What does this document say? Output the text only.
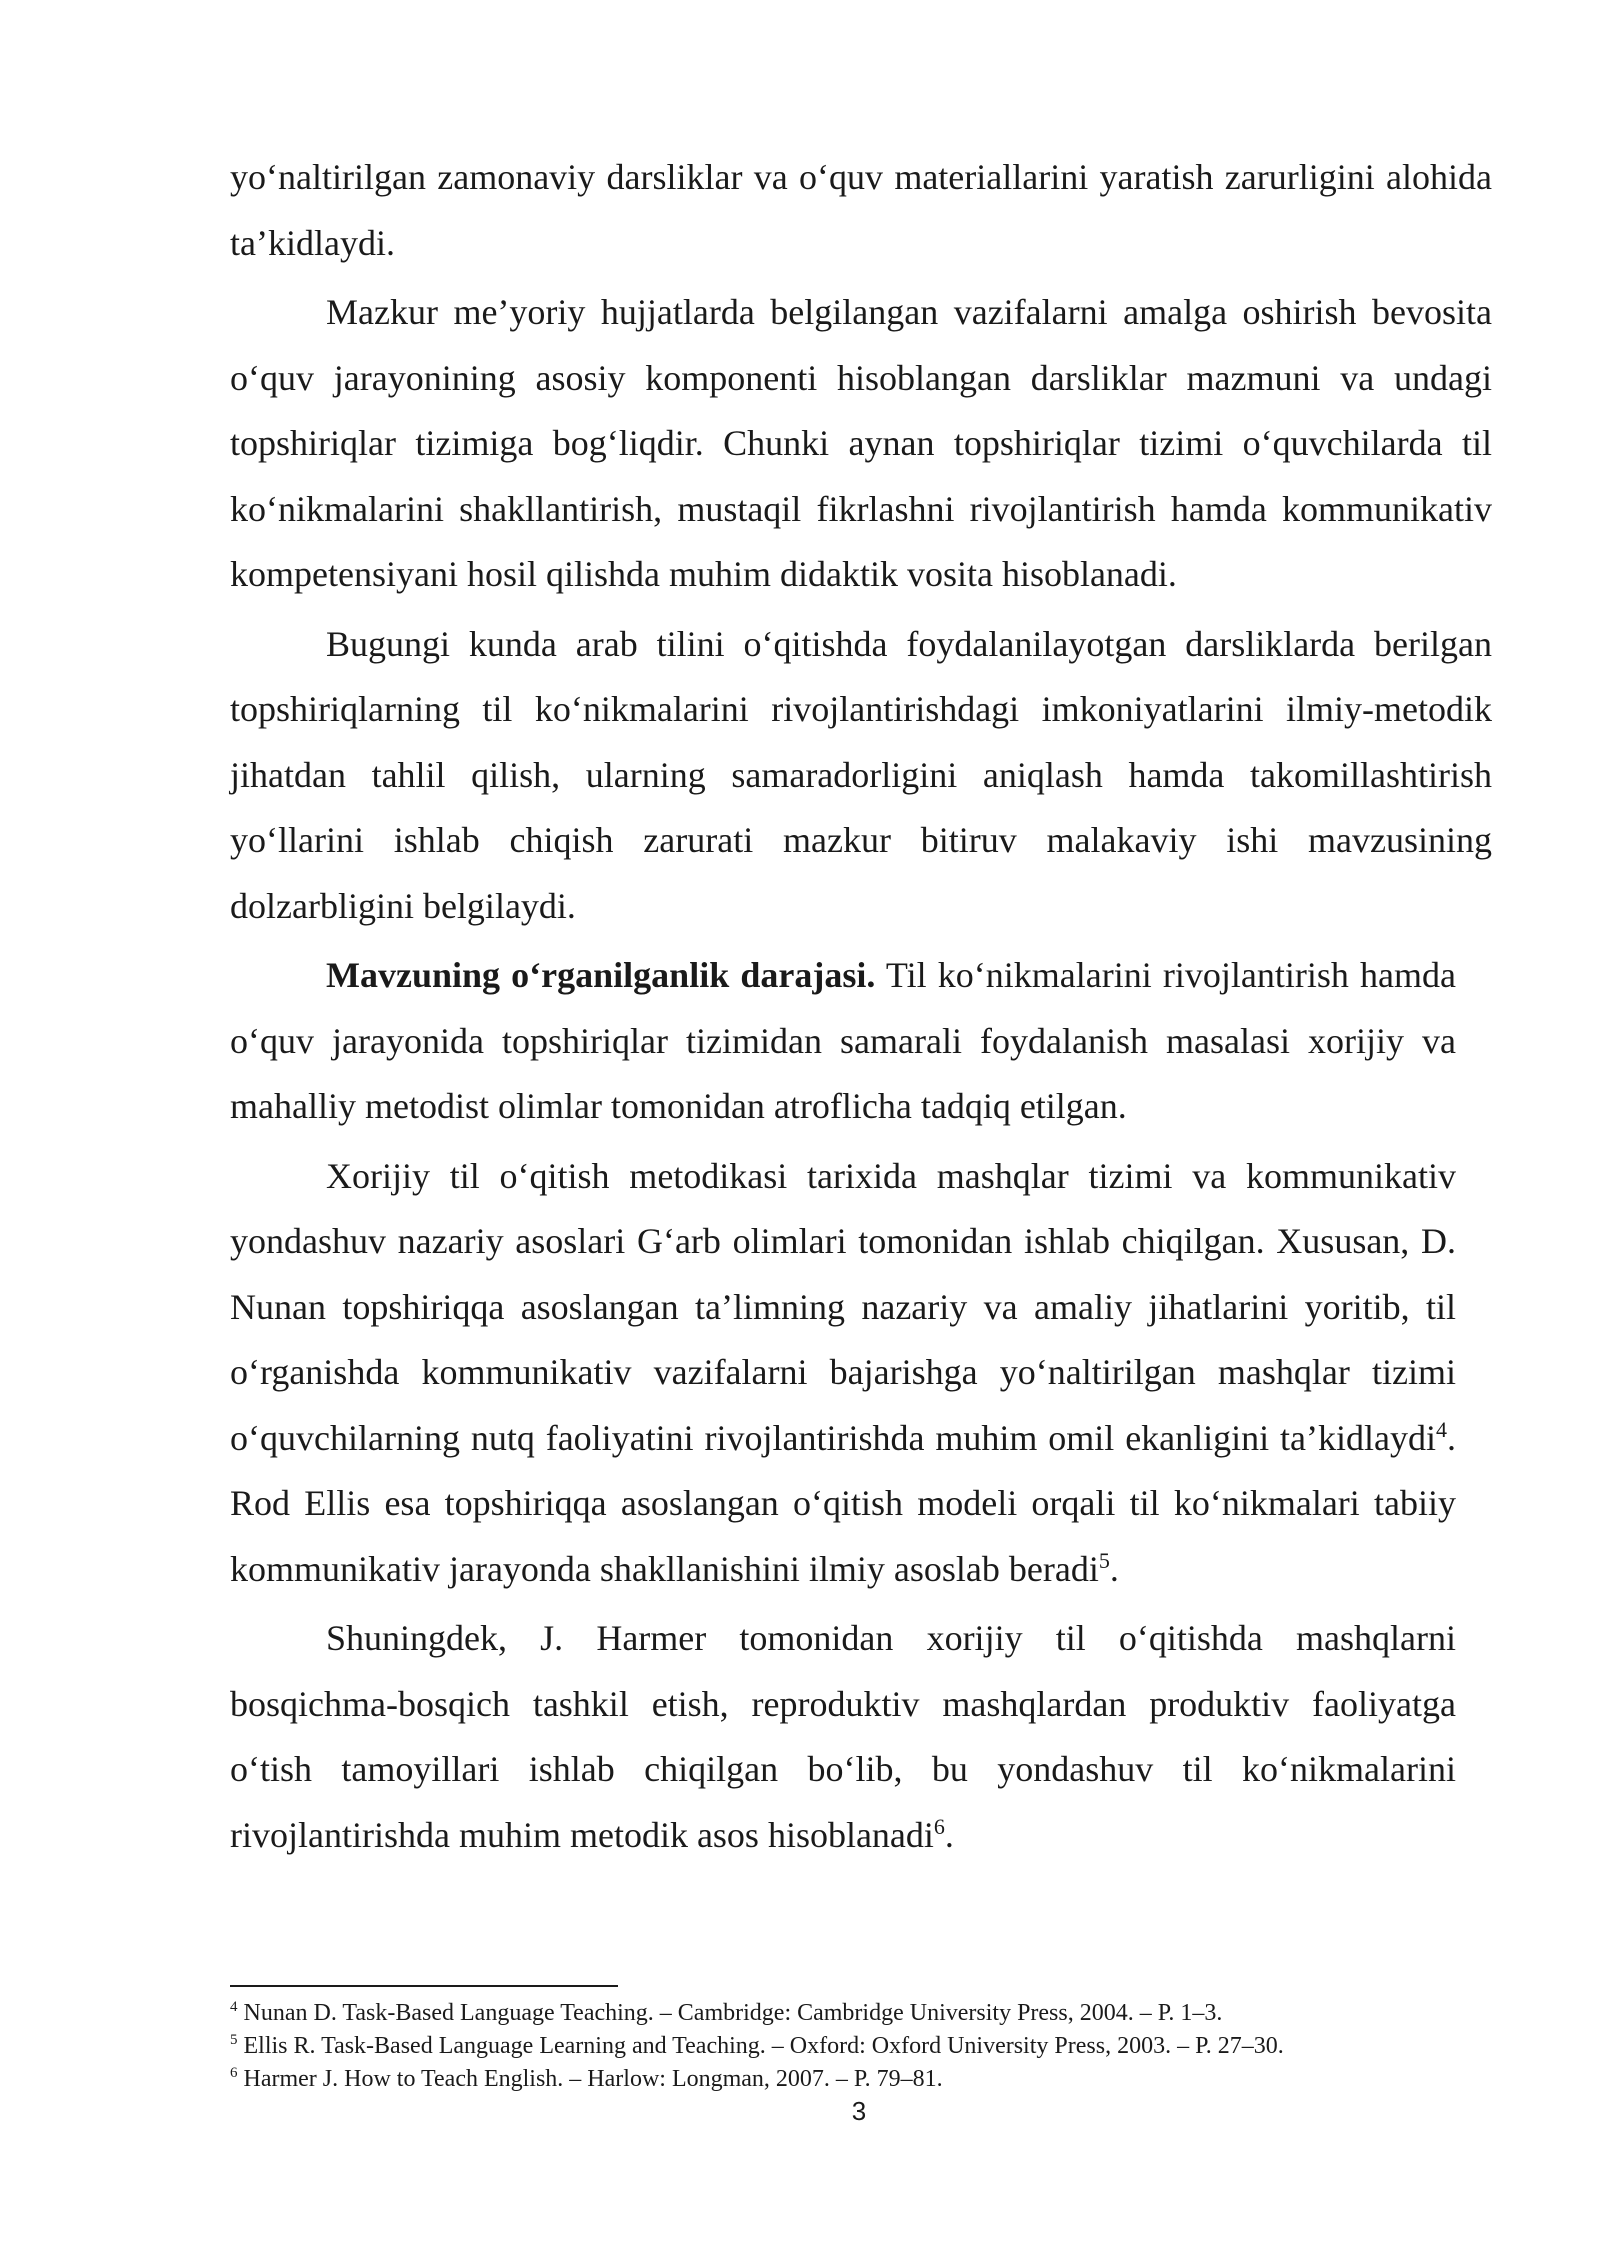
yo‘naltirilgan zamonaviy darsliklar va o‘quv materiallarini yaratish zarurligini alohida ta’kidlaydi.

Mazkur me’yoriy hujjatlarda belgilangan vazifalarni amalga oshirish bevosita o‘quv jarayonining asosiy komponenti hisoblangan darsliklar mazmuni va undagi topshiriqlar tizimiga bog‘liqdir. Chunki aynan topshiriqlar tizimi o‘quvchilarda til ko‘nikmalarini shakllantirish, mustaqil fikrlashni rivojlantirish hamda kommunikativ kompetensiyani hosil qilishda muhim didaktik vosita hisoblanadi.

Bugungi kunda arab tilini o‘qitishda foydalanilayotgan darsliklarda berilgan topshiriqlarning til ko‘nikmalarini rivojlantirishdagi imkoniyatlarini ilmiy-metodik jihatdan tahlil qilish, ularning samaradorligini aniqlash hamda takomillashtirish yo‘llarini ishlab chiqish zarurati mazkur bitiruv malakaviy ishi mavzusining dolzarbligini belgilaydi.

Mavzuning o‘rganilganlik darajasi. Til ko‘nikmalarini rivojlantirish hamda o‘quv jarayonida topshiriqlar tizimidan samarali foydalanish masalasi xorijiy va mahalliy metodist olimlar tomonidan atroflicha tadqiq etilgan.

Xorijiy til o‘qitish metodikasi tarixida mashqlar tizimi va kommunikativ yondashuv nazariy asoslari G‘arb olimlari tomonidan ishlab chiqilgan. Xususan, D. Nunan topshiriqqa asoslangan ta’limning nazariy va amaliy jihatlarini yoritib, til o‘rganishda kommunikativ vazifalarni bajarishga yo‘naltirilgan mashqlar tizimi o‘quvchilarning nutq faoliyatini rivojlantirishda muhim omil ekanligini ta’kidlaydi$^4$. Rod Ellis esa topshiriqqa asoslangan o‘qitish modeli orqali til ko‘nikmalari tabiiy kommunikativ jarayonda shakllanishini ilmiy asoslab beradi$^5$.

Shuningdek, J. Harmer tomonidan xorijiy til o‘qitishda mashqlarni bosqichma-bosqich tashkil etish, reproduktiv mashqlardan produktiv faoliyatga o‘tish tamoyillari ishlab chiqilgan bo‘lib, bu yondashuv til ko‘nikmalarini rivojlantirishda muhim metodik asos hisoblanadi$^6$.

$^4$ Nunan D. Task-Based Language Teaching. – Cambridge: Cambridge University Press, 2004. – P. 1–3.

$^5$ Ellis R. Task-Based Language Learning and Teaching. – Oxford: Oxford University Press, 2003. – P. 27–30.

$^6$ Harmer J. How to Teach English. – Harlow: Longman, 2007. – P. 79–81.

3
